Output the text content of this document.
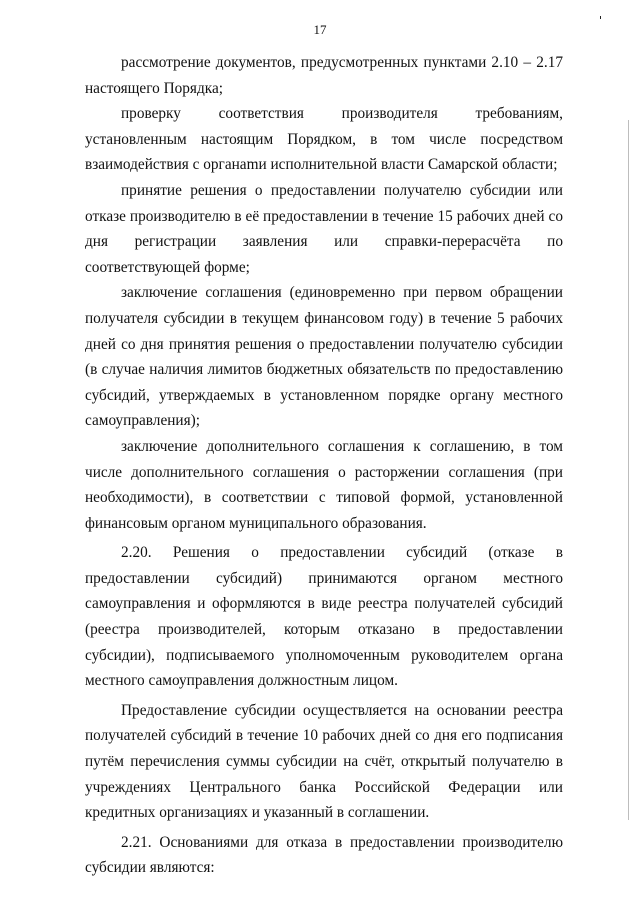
17

рассмотрение документов, предусмотренных пунктами 2.10 – 2.17 настоящего Порядка;

проверку соответствия производителя требованиям, установленным настоящим Порядком, в том числе посредством взаимодействия с органаmи исполнительной власти Самарской области;

принятие решения о предоставлении получателю субсидии или отказе производителю в её предоставлении в течение 15 рабочих дней со дня регистрации заявления или справки-перерасчёта по соответствующей форме;

заключение соглашения (единовременно при первом обращении получателя субсидии в текущем финансовом году) в течение 5 рабочих дней со дня принятия решения о предоставлении получателю субсидии (в случае наличия лимитов бюджетных обязательств по предоставлению субсидий, утверждаемых в установленном порядке органу местного самоуправления);

заключение дополнительного соглашения к соглашению, в том числе дополнительного соглашения о расторжении соглашения (при необходимости), в соответствии с типовой формой, установленной финансовым органом муниципального образования.

2.20. Решения о предоставлении субсидий (отказе в предоставлении субсидий) принимаются органом местного самоуправления и оформляются в виде реестра получателей субсидий (реестра производителей, которым отказано в предоставлении субсидии), подписываемого уполномоченным руководителем органа местного самоуправления должностным лицом.

Предоставление субсидии осуществляется на основании реестра получателей субсидий в течение 10 рабочих дней со дня его подписания путём перечисления суммы субсидии на счёт, открытый получателю в учреждениях Центрального банка Российской Федерации или кредитных организациях и указанный в соглашении.

2.21. Основаниями для отказа в предоставлении производителю субсидии являются:
